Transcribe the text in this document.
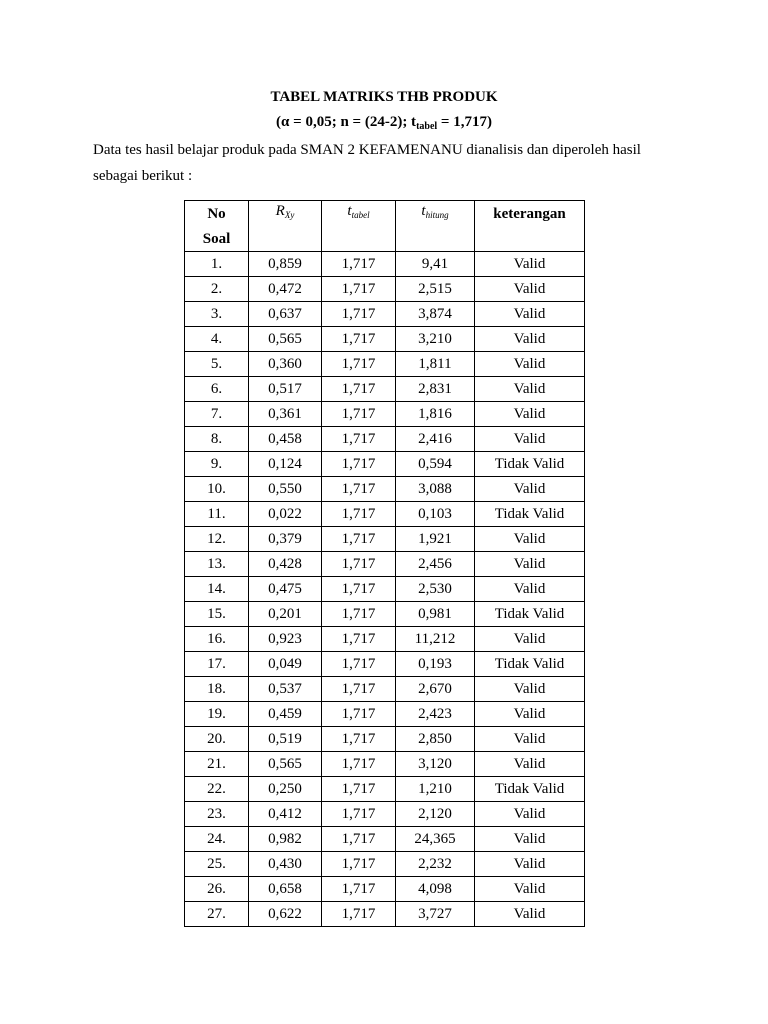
TABEL MATRIKS THB PRODUK
(α = 0,05; n = (24-2); $t_{tabel} = 1,717$)
Data tes hasil belajar produk pada SMAN 2 KEFAMENANU dianalisis dan diperoleh hasil sebagai berikut :
No
Soal	$R_{Xy}$	$t_{tabel}$	$t_{hitung}$	keterangan

1.	0,859	1,717	9,41	Valid
2.	0,472	1,717	2,515	Valid
3.	0,637	1,717	3,874	Valid
4.	0,565	1,717	3,210	Valid
5.	0,360	1,717	1,811	Valid
6.	0,517	1,717	2,831	Valid
7.	0,361	1,717	1,816	Valid
8.	0,458	1,717	2,416	Valid
9.	0,124	1,717	0,594	Tidak Valid
10.	0,550	1,717	3,088	Valid
11.	0,022	1,717	0,103	Tidak Valid
12.	0,379	1,717	1,921	Valid
13.	0,428	1,717	2,456	Valid
14.	0,475	1,717	2,530	Valid
15.	0,201	1,717	0,981	Tidak Valid
16.	0,923	1,717	11,212	Valid
17.	0,049	1,717	0,193	Tidak Valid
18.	0,537	1,717	2,670	Valid
19.	0,459	1,717	2,423	Valid
20.	0,519	1,717	2,850	Valid
21.	0,565	1,717	3,120	Valid
22.	0,250	1,717	1,210	Tidak Valid
23.	0,412	1,717	2,120	Valid
24.	0,982	1,717	24,365	Valid
25.	0,430	1,717	2,232	Valid
26.	0,658	1,717	4,098	Valid
27.	0,622	1,717	3,727	Valid
